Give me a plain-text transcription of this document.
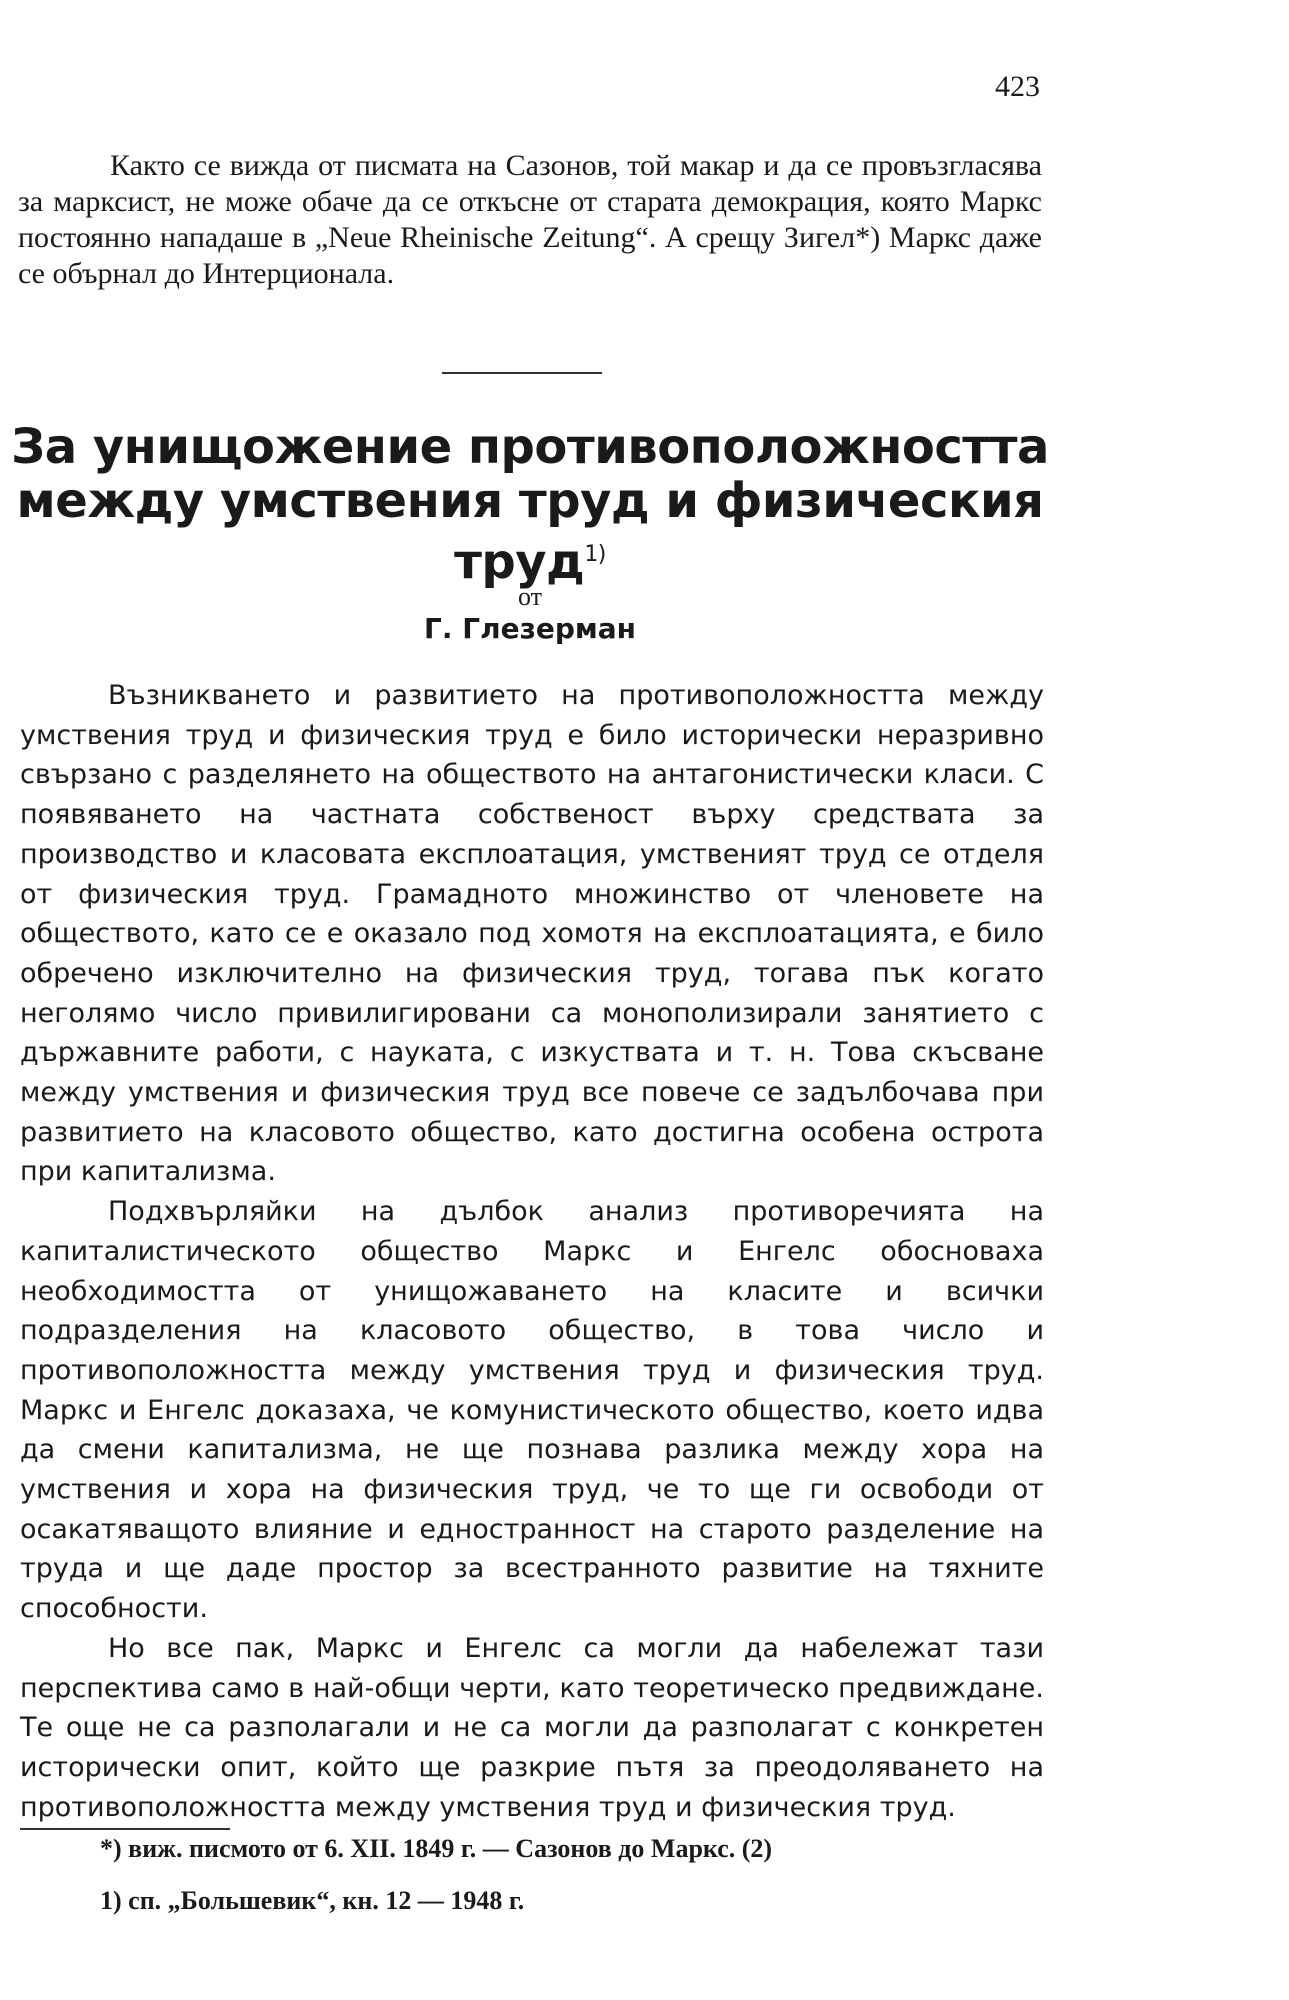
423

Както се вижда от писмата на Сазонов, той макар и да се провъзгласява за марксист, не може обаче да се откъсне от старата демокрация, която Маркс постоянно нападаше в „Neue Rheinische Zeitung“. А срещу Зигел*) Маркс даже се обърнал до Интерционала.

За унищожение противоположността между умствения труд и физическия труд$^{1)}$
от
Г. Глезерман

Възникването и развитието на противоположността между умствения труд и физическия труд е било исторически неразривно свързано с разделянето на обществото на антагонистически класи. С появяването на частната собственост върху средствата за производство и класовата експлоатация, умственият труд се отделя от физическия труд. Грамадното множинство от членовете на обществото, като се е оказало под хомотя на експлоатацията, е било обречено изключително на физическия труд, тогава пък когато неголямо число привилигировани са монополизирали занятието с държавните работи, с науката, с изкуствата и т. н. Това скъсване между умствения и физическия труд все повече се задълбочава при развитието на класовото общество, като достигна особена острота при капитализма.

Подхвърляйки на дълбок анализ противоречията на капиталистическото общество Маркс и Енгелс обосноваха необходимостта от унищожаването на класите и всички подразделения на класовото общество, в това число и противоположността между умствения труд и физическия труд. Маркс и Енгелс доказаха, че комунистическото общество, което идва да смени капитализма, не ще познава разлика между хора на умствения и хора на физическия труд, че то ще ги освободи от осакатяващото влияние и едностранност на старото разделение на труда и ще даде простор за всестранното развитие на тяхните способности.

Но все пак, Маркс и Енгелс са могли да набележат тази перспектива само в най-общи черти, като теоретическо предвиждане. Те още не са разполагали и не са могли да разполагат с конкретен исторически опит, който ще разкрие пътя за преодоляването на противоположността между умствения труд и физическия труд.

*) виж. писмото от 6. XII. 1849 г. — Сазонов до Маркс. (2)
1) сп. „Большевик“, кн. 12 — 1948 г.
